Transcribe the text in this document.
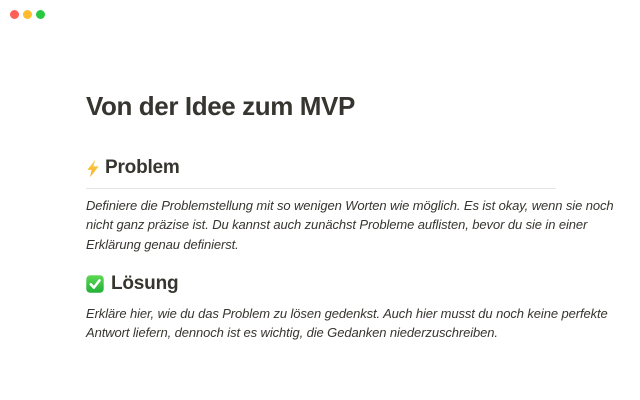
Von der Idee zum MVP
Problem
Definiere die Problemstellung mit so wenigen Worten wie möglich. Es ist okay, wenn sie noch
nicht ganz präzise ist. Du kannst auch zunächst Probleme auflisten, bevor du sie in einer
Erklärung genau definierst.
Lösung
Erkläre hier, wie du das Problem zu lösen gedenkst. Auch hier musst du noch keine perfekte
Antwort liefern, dennoch ist es wichtig, die Gedanken niederzuschreiben.
